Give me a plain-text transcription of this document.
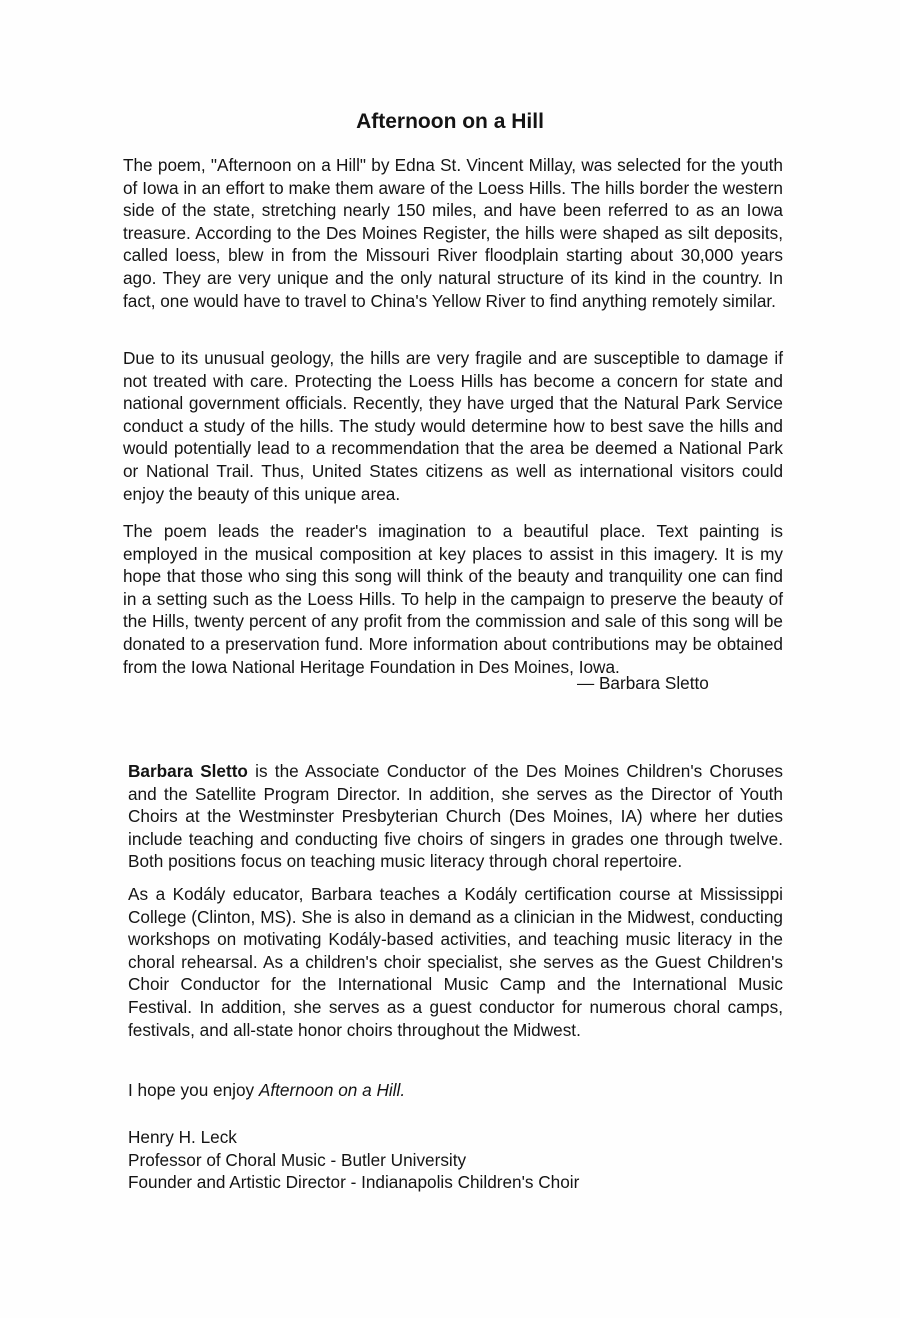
Afternoon on a Hill

The poem, "Afternoon on a Hill" by Edna St. Vincent Millay, was selected for the youth of Iowa in an effort to make them aware of the Loess Hills. The hills border the western side of the state, stretching nearly 150 miles, and have been referred to as an Iowa treasure. According to the Des Moines Register, the hills were shaped as silt deposits, called loess, blew in from the Missouri River floodplain starting about 30,000 years ago. They are very unique and the only natural structure of its kind in the country. In fact, one would have to travel to China's Yellow River to find anything remotely similar.

Due to its unusual geology, the hills are very fragile and are susceptible to damage if not treated with care. Protecting the Loess Hills has become a concern for state and national government officials. Recently, they have urged that the Natural Park Service conduct a study of the hills. The study would determine how to best save the hills and would potentially lead to a recommendation that the area be deemed a National Park or National Trail. Thus, United States citizens as well as international visitors could enjoy the beauty of this unique area.

The poem leads the reader's imagination to a beautiful place. Text painting is employed in the musical composition at key places to assist in this imagery. It is my hope that those who sing this song will think of the beauty and tranquility one can find in a setting such as the Loess Hills. To help in the campaign to preserve the beauty of the Hills, twenty percent of any profit from the commission and sale of this song will be donated to a preservation fund. More information about contributions may be obtained from the Iowa National Heritage Foundation in Des Moines, Iowa.

— Barbara Sletto

Barbara Sletto is the Associate Conductor of the Des Moines Children's Choruses and the Satellite Program Director. In addition, she serves as the Director of Youth Choirs at the Westminster Presbyterian Church (Des Moines, IA) where her duties include teaching and conducting five choirs of singers in grades one through twelve. Both positions focus on teaching music literacy through choral repertoire.

As a Kodály educator, Barbara teaches a Kodály certification course at Mississippi College (Clinton, MS). She is also in demand as a clinician in the Midwest, conducting workshops on motivating Kodály-based activities, and teaching music literacy in the choral rehearsal. As a children's choir specialist, she serves as the Guest Children's Choir Conductor for the International Music Camp and the International Music Festival. In addition, she serves as a guest conductor for numerous choral camps, festivals, and all-state honor choirs throughout the Midwest.

I hope you enjoy Afternoon on a Hill.

Henry H. Leck
Professor of Choral Music - Butler University
Founder and Artistic Director - Indianapolis Children's Choir
